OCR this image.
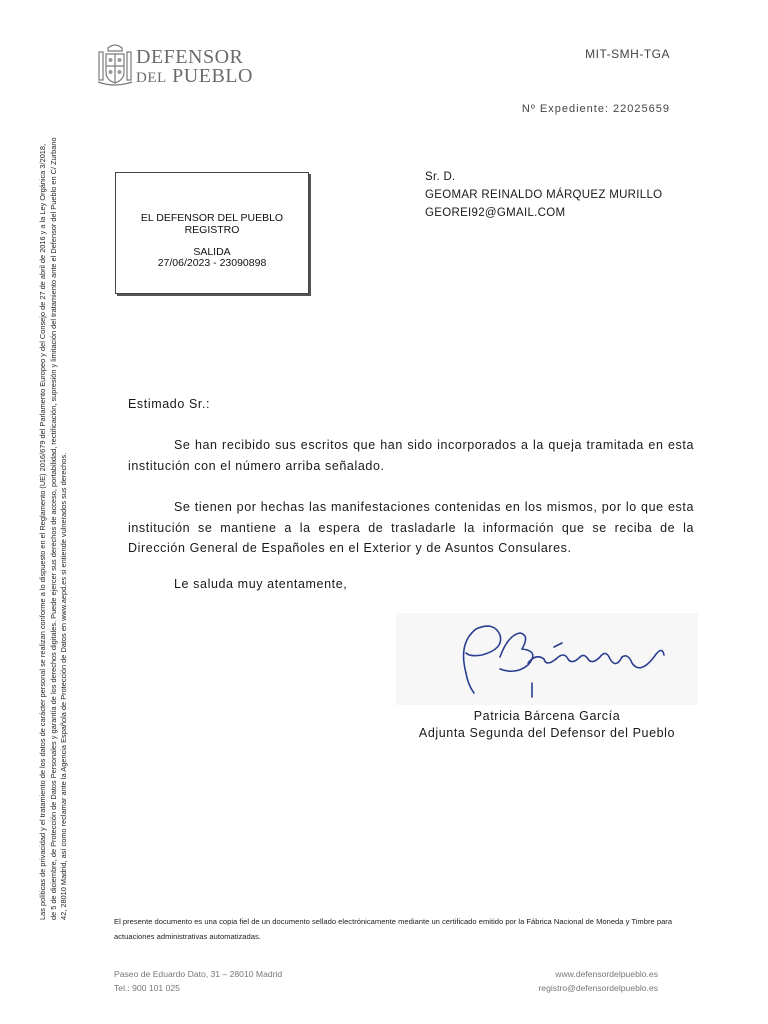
DEFENSOR
DEL PUEBLO
MIT-SMH-TGA
Nº Expediente: 22025659
Las políticas de privacidad y el tratamiento de los datos de carácter personal se realizan conforme a lo dispuesto en el Reglamento (UE) 2016/679 del Parlamento Europeo y del Consejo de 27 de abril de 2016 y a la Ley Orgánica 3/2018, de 5 de diciembre, de Protección de Datos Personales y garantía de los derechos digitales. Puede ejercer sus derechos de acceso, portabilidad, rectificación, supresión y limitación del tratamiento ante el Defensor del Pueblo en C/ Zurbano 42, 28010 Madrid, así como reclamar ante la Agencia Española de Protección de Datos en www.aepd.es si entiende vulnerados sus derechos.
EL DEFENSOR DEL PUEBLO
REGISTRO
SALIDA
27/06/2023 - 23090898
Sr. D.
GEOMAR REINALDO MÁRQUEZ MURILLO
GEOREI92@GMAIL.COM
Estimado Sr.:
Se han recibido sus escritos que han sido incorporados a la queja tramitada en esta institución con el número arriba señalado.
Se tienen por hechas las manifestaciones contenidas en los mismos, por lo que esta institución se mantiene a la espera de trasladarle la información que se reciba de la Dirección General de Españoles en el Exterior y de Asuntos Consulares.
Le saluda muy atentamente,
Patricia Bárcena García
Adjunta Segunda del Defensor del Pueblo
El presente documento es una copia fiel de un documento sellado electrónicamente mediante un certificado emitido por la Fábrica Nacional de Moneda y Timbre para actuaciones administrativas automatizadas.
Paseo de Eduardo Dato, 31 – 28010 Madrid
Tel.: 900 101 025
www.defensordelpueblo.es
registro@defensordelpueblo.es
